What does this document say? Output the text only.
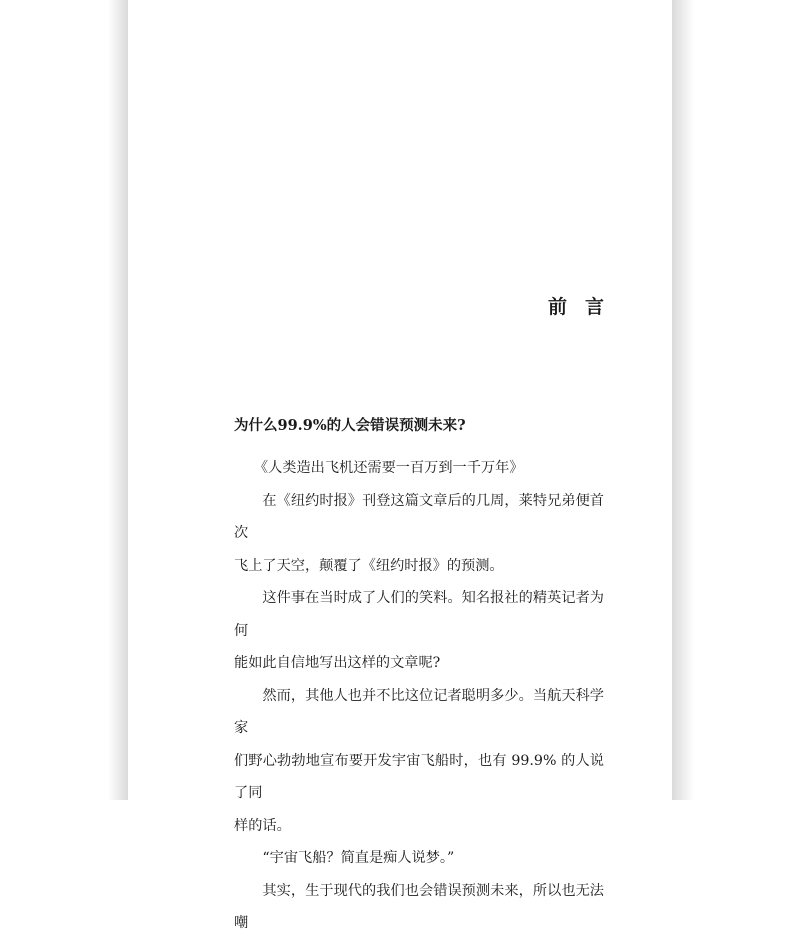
前言
为什么99.9%的人会错误预测未来?

《人类造出飞机还需要一百万到一千万年》

在《纽约时报》刊登这篇文章后的几周，莱特兄弟便首次
飞上了天空，颠覆了《纽约时报》的预测。

这件事在当时成了人们的笑料。知名报社的精英记者为何
能如此自信地写出这样的文章呢?

然而，其他人也并不比这位记者聪明多少。当航天科学家
们野心勃勃地宣布要开发宇宙飞船时，也有 99.9% 的人说了同
样的话。

“宇宙飞船？简直是痴人说梦。”

其实，生于现代的我们也会错误预测未来，所以也无法嘲
